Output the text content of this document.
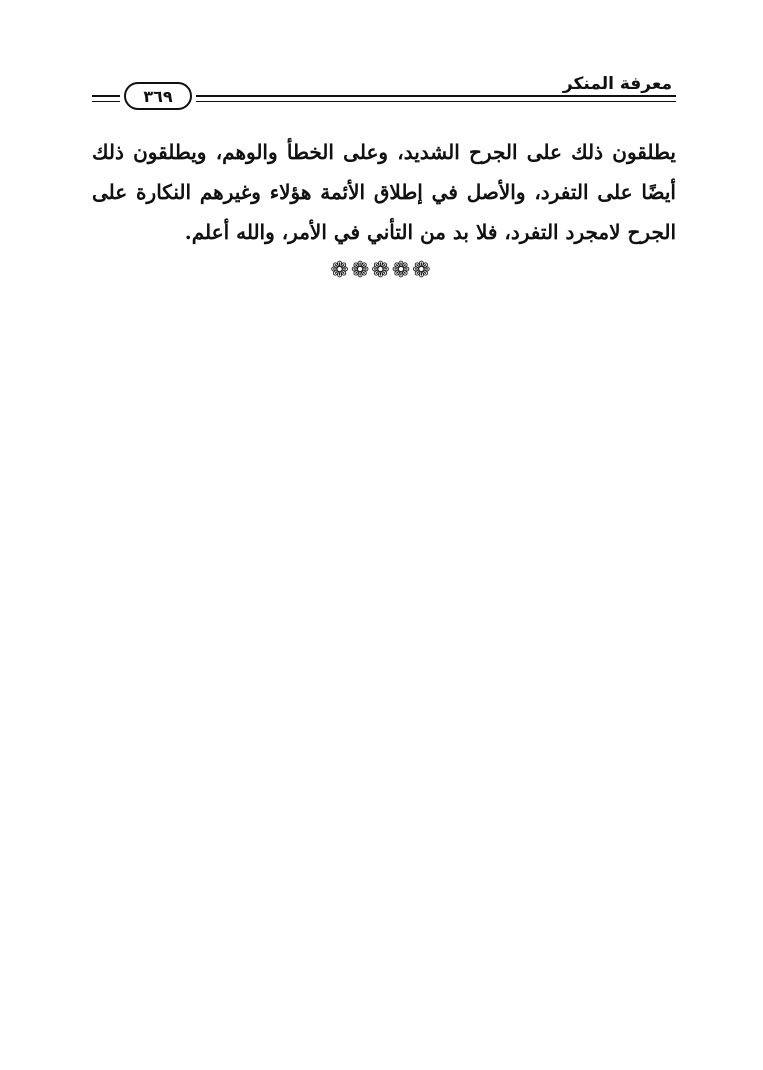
معرفة المنكر
٣٦٩
يطلقون ذلك على الجرح الشديد، وعلى الخطأ والوهم، ويطلقون ذلك
أيضًا على التفرد، والأصل في إطلاق الأئمة هؤلاء وغيرهم النكارة على
الجرح لامجرد التفرد، فلا بد من التأني في الأمر، والله أعلم.
❁❁❁❁❁
